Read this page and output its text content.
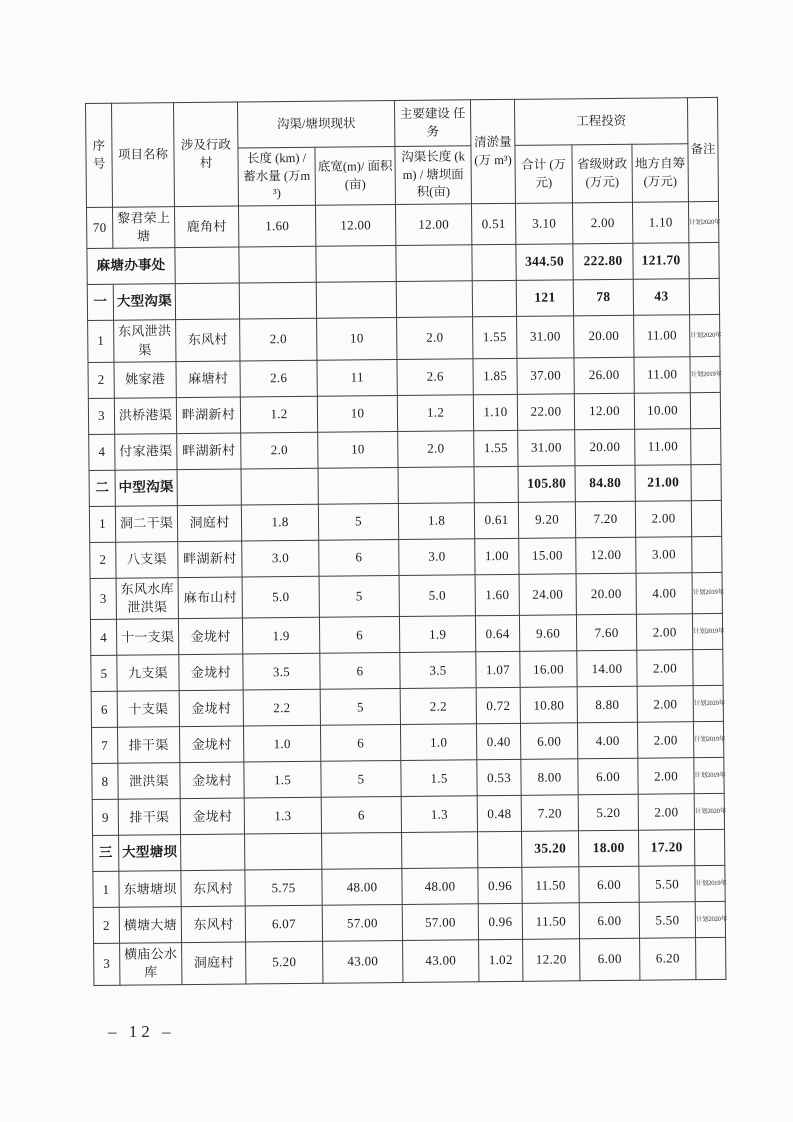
序号	项目名称	涉及行政村	沟渠/塘坝现状		主要建设 任务	清淤量 (万 m³)	工程投资			备注
			长度 (km) / 蓄水量 (万m³)	底宽(m)/ 面积(亩)	沟渠长度 (km) / 塘坝面积(亩)		合计 (万元)	省级财政 (万元)	地方自筹 (万元)	
70	黎君荣上塘	鹿角村	1.60	12.00	12.00	0.51	3.10	2.00	1.10	计划2020年
麻塘办事处							344.50	222.80	121.70	
一	大型沟渠						121	78	43	
1	东风泄洪渠	东风村	2.0	10	2.0	1.55	31.00	20.00	11.00	计划2020年
2	姚家港	麻塘村	2.6	11	2.6	1.85	37.00	26.00	11.00	计划2019年
3	洪桥港渠	畔湖新村	1.2	10	1.2	1.10	22.00	12.00	10.00	
4	付家港渠	畔湖新村	2.0	10	2.0	1.55	31.00	20.00	11.00	
二	中型沟渠						105.80	84.80	21.00	
1	洞二干渠	洞庭村	1.8	5	1.8	0.61	9.20	7.20	2.00	
2	八支渠	畔湖新村	3.0	6	3.0	1.00	15.00	12.00	3.00	
3	东风水库泄洪渠	麻布山村	5.0	5	5.0	1.60	24.00	20.00	4.00	计划2019年
4	十一支渠	金垅村	1.9	6	1.9	0.64	9.60	7.60	2.00	计划2019年
5	九支渠	金垅村	3.5	6	3.5	1.07	16.00	14.00	2.00	
6	十支渠	金垅村	2.2	5	2.2	0.72	10.80	8.80	2.00	计划2020年
7	排干渠	金垅村	1.0	6	1.0	0.40	6.00	4.00	2.00	计划2019年
8	泄洪渠	金垅村	1.5	5	1.5	0.53	8.00	6.00	2.00	计划2019年
9	排干渠	金垅村	1.3	6	1.3	0.48	7.20	5.20	2.00	计划2020年
三	大型塘坝						35.20	18.00	17.20	
1	东塘塘坝	东风村	5.75	48.00	48.00	0.96	11.50	6.00	5.50	计划2019年
2	横塘大塘	东风村	6.07	57.00	57.00	0.96	11.50	6.00	5.50	计划2020年
3	横庙公水库	洞庭村	5.20	43.00	43.00	1.02	12.20	6.00	6.20	
– 12 –
